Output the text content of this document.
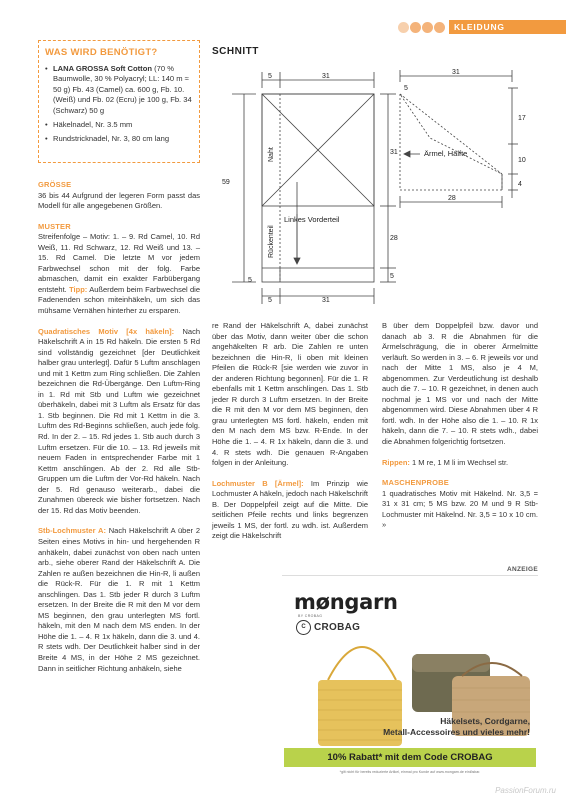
KLEIDUNG
WAS WIRD BENÖTIGT?
• LANA GROSSA Soft Cotton (70 % Baumwolle, 30 % Polyacryl; LL: 140 m ≈ 50 g) Fb. 43 (Camel) ca. 600 g, Fb. 10. (Weiß) und Fb. 02 (Ecru) je 100 g, Fb. 34 (Schwarz) 50 g
• Häkelnadel, Nr. 3.5 mm
• Rundstricknadel, Nr. 3, 80 cm lang

GRÖSSE
36 bis 44 Aufgrund der legeren Form passt das Modell für alle angegebenen Größen.

MUSTER
Streifenfolge – Motiv: 1. – 9. Rd Camel, 10. Rd Weiß, 11. Rd Schwarz, 12. Rd Weiß und 13. – 15. Rd Camel. Die letzte M vor jedem Farbwechsel schon mit der folg. Farbe abmaschen, damit ein exakter Farbübergang entsteht. Tipp: Außerdem beim Farbwechsel die Fadenenden schon miteinhäkeln, um sich das mühsame Vernähen hinterher zu ersparen.

Quadratisches Motiv [4x häkeln]: Nach Häkelschrift A in 15 Rd häkeln. Die ersten 5 Rd sind vollständig gezeichnet [der Deutlichkeit halber grau unterlegt]. Dafür 5 Luftm anschlagen und mit 1 Kettm zum Ring schließen. Die Zahlen bezeichnen die Rd-Übergänge. Den Luftm-Ring in 1. Rd mit Stb und Luftm wie gezeichnet überhäkeln, dabei mit 3 Luftm als Ersatz für das 1. Stb beginnen. Die Rd mit 1 Kettm in die 3. Luftm des Rd-Beginns schließen, auch jede folg. Rd. In der 2. – 15. Rd jedes 1. Stb auch durch 3 Luftm ersetzen. Für die 10. – 13. Rd jeweils mit neuem Faden in entsprechender Farbe mit 1 Kettm anschlingen. Ab der 2. Rd alle Stb-Gruppen um die Luftm der Vor-Rd häkeln. Nach der 5. Rd genauso weiterarb., dabei die Zunahmen übereck wie bisher fortsetzen. Nach der 15. Rd das Motiv beenden.

Stb-Lochmuster A: Nach Häkelschrift A über 2 Seiten eines Motivs in hin- und hergehenden R anhäkeln, dabei zunächst von oben nach unten arb., siehe oberer Rand der Häkelschrift A. Die Zahlen re außen bezeichnen die Hin-R, li außen die Rück-R. Für die 1. R mit 1 Kettm anschlingen. Das 1. Stb jeder R durch 3 Luftm ersetzen. In der Breite die R mit den M vor dem MS beginnen, den grau unterlegten MS fortl. häkeln, mit den M nach dem MS enden. In der Höhe die 1. – 4. R 1x häkeln, dann die 3. und 4. R stets wdh. Der Deutlichkeit halber sind in der Breite 4 MS, in der Höhe 2 MS gezeichnet. Dann in seitlicher Richtung anhäkeln, siehe

SCHNITT
5	31
31
59
28
5
5	31
5
31
17
10
4
28
5
Ärmel, Hälfte
Linkes Vorderteil
Naht
Rückenteil

re Rand der Häkelschrift A, dabei zunächst über das Motiv, dann weiter über die schon angehäkelten R arb. Die Zahlen re unten bezeichnen die Hin-R, li oben mit kleinen Pfeilen die Rück-R [sie werden wie zuvor in der anderen Richtung begonnen]. Für die 1. R ebenfalls mit 1 Kettm anschlingen. Das 1. Stb jeder R durch 3 Luftm ersetzen. In der Breite die R mit den M vor dem MS beginnen, den grau unterlegten MS fortl. häkeln, enden mit den M nach dem MS bzw. R-Ende. In der Höhe die 1. – 4. R 1x häkeln, dann die 3. und 4. R stets wdh. Die genauen R-Angaben folgen in der Anleitung.

Lochmuster B [Ärmel]: Im Prinzip wie Lochmuster A häkeln, jedoch nach Häkelschrift B. Der Doppelpfeil zeigt auf die Mitte. Die seitlichen Pfeile rechts und links begrenzen jeweils 1 MS, der fortl. zu wdh. ist. Außerdem zeigt die Häkelschrift

B über dem Doppelpfeil bzw. davor und danach ab 3. R die Abnahmen für die Ärmelschrägung, die in oberer Ärmelmitte verläuft. So werden in 3. – 6. R jeweils vor und nach der Mitte 1 MS, also je 4 M, abgenommen. Zur Verdeutlichung ist deshalb auch die 7. – 10. R gezeichnet, in denen auch nochmal je 1 MS vor und nach der Mitte abgenommen wird. Diese Abnahmen über 4 R fortl. wdh. In der Höhe also die 1. – 10. R 1x häkeln, dann die 7. – 10. R stets wdh., dabei die Abnahmen folgerichtig fortsetzen.

Rippen: 1 M re, 1 M li im Wechsel str.

MASCHENPROBE
1 quadratisches Motiv mit Häkelnd. Nr. 3,5 = 31 x 31 cm; 5 MS bzw. 20 M und 9 R Stb-Lochmuster mit Häkelnd. Nr. 3,5 = 10 x 10 cm. »

ANZEIGE
møngarn
BY CROBAG
C CROBAG
Häkelsets, Cordgarne,
Metall-Accessoires und vieles mehr!
10% Rabatt* mit dem Code CROBAG
*gilt nicht für bereits reduzierte Artikel, einmal pro Kunde auf www.mongarn.de einlösbar.
PassionForum.ru
